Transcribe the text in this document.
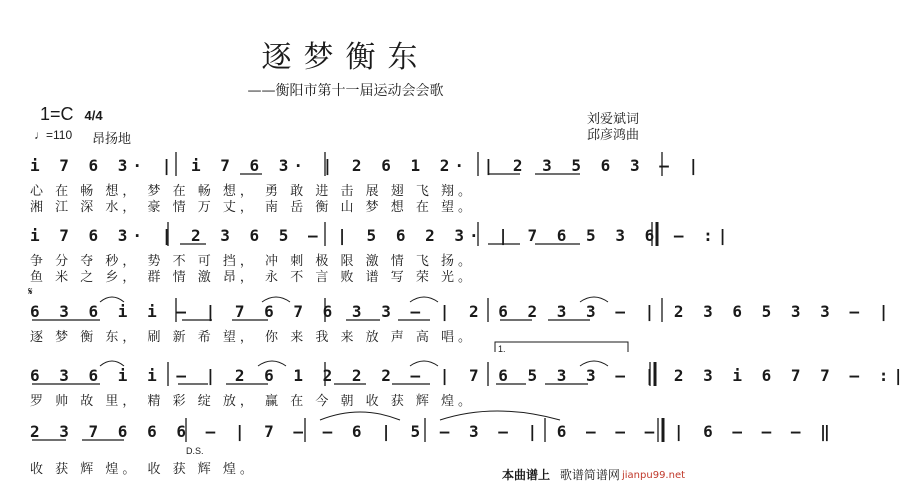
逐梦衡东
——衡阳市第十一届运动会会歌
1=C 4/4
♩=110 昂扬地
刘爱斌词
邱彦鸿曲
i 7 6 3· | i 7 6 3· | 2 6 1 2· | 2 3 5 6 3 – |
心 在 畅 想， 梦 在 畅 想， 勇 敢 进 击 展 翅 飞 翔。
湘 江 深 水， 豪 情 万 丈， 南 岳 衡 山 梦 想 在 望。
i 7 6 3· | 2 3 6 5 – | 5 6 2 3· | 7 6 5 3 6 – :|
争 分 夺 秒， 势 不 可 挡， 冲 刺 极 限 激 情 飞 扬。
鱼 米 之 乡， 群 情 激 昂， 永 不 言 败 谱 写 荣 光。
𝄋
6 3 6 i i – | 7 6 7 6 3 3 – | 2 6 2 3 3 – | 2 3 6 5 3 3 – |
逐 梦 衡 东， 刷 新 希 望， 你 来 我 来 放 声 高 唱。
1.
6 3 6 i i – | 2 6 1 2 2 2 – | 7 6 5 3 3 – | 2 3 i 6 7 7 – :|
罗 帅 故 里， 精 彩 绽 放， 赢 在 今 朝 收 获 辉 煌。
2 3 7 6 6 6 – | 7 – – 6 | 5 – 3 – | 6 – – – | 6 – – – ‖
D.S.
收 获 辉 煌。 收 获 辉 煌。	本曲谱上 歌谱简谱网 jianpu99.net
